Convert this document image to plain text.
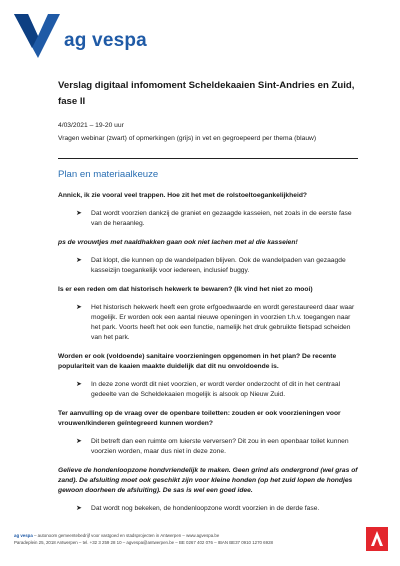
ag vespa
Verslag digitaal infomoment Scheldekaaien Sint-Andries en Zuid, fase II
4/03/2021 – 19-20 uur
Vragen webinar (zwart) of opmerkingen (grijs) in vet en gegroepeerd per thema (blauw)
Plan en materiaalkeuze
Annick, ik zie vooral veel trappen. Hoe zit het met de rolstoeltoegankelijkheid?
➤ Dat wordt voorzien dankzij de graniet en gezaagde kasseien, net zoals in de eerste fase van de heraanleg.
ps de vrouwtjes met naaldhakken gaan ook niet lachen met al die kasseien!
➤ Dat klopt, die kunnen op de wandelpaden blijven. Ook de wandelpaden van gezaagde kasseizijn toegankelijk voor iedereen, inclusief buggy.
Is er een reden om dat historisch hekwerk te bewaren? (Ik vind het niet zo mooi)
➤ Het historisch hekwerk heeft een grote erfgoedwaarde en wordt gerestaureerd daar waar mogelijk. Er worden ook een aantal nieuwe openingen in voorzien t.h.v. toegangen naar het park. Voorts heeft het ook een functie, namelijk het druk gebruikte fietspad scheiden van het park.
Worden er ook (voldoende) sanitaire voorzieningen opgenomen in het plan? De recente populariteit van de kaaien maakte duidelijk dat dit nu onvoldoende is.
➤ In deze zone wordt dit niet voorzien, er wordt verder onderzocht of dit in het centraal gedeelte van de Scheldekaaien mogelijk is alsook op Nieuw Zuid.
Ter aanvulling op de vraag over de openbare toiletten: zouden er ook voorzieningen voor vrouwen/kinderen geïntegreerd kunnen worden?
➤ Dit betreft dan een ruimte om luierste verversen? Dit zou in een openbaar toilet kunnen voorzien worden, maar dus niet in deze zone.
Gelieve de hondenloopzone hondvriendelijk te maken. Geen grind als ondergrond (wel gras of zand). De afsluiting moet ook geschikt zijn voor kleine honden (op het zuid lopen de hondjes gewoon doorheen de afsluiting). De sas is wel een goed idee.
➤ Dat wordt nog bekeken, de hondenloopzone wordt voorzien in de derde fase.
ag vespa – autonoom gemeentebedrijf voor vastgoed en stadsprojecten in Antwerpen – www.agvespa.be
Paradeplein 25, 2018 Antwerpen – tel. +32 3 259 28 10 – agvespa@antwerpen.be – BE 0267 402 076 – IBAN BE37 0910 1270 6928
